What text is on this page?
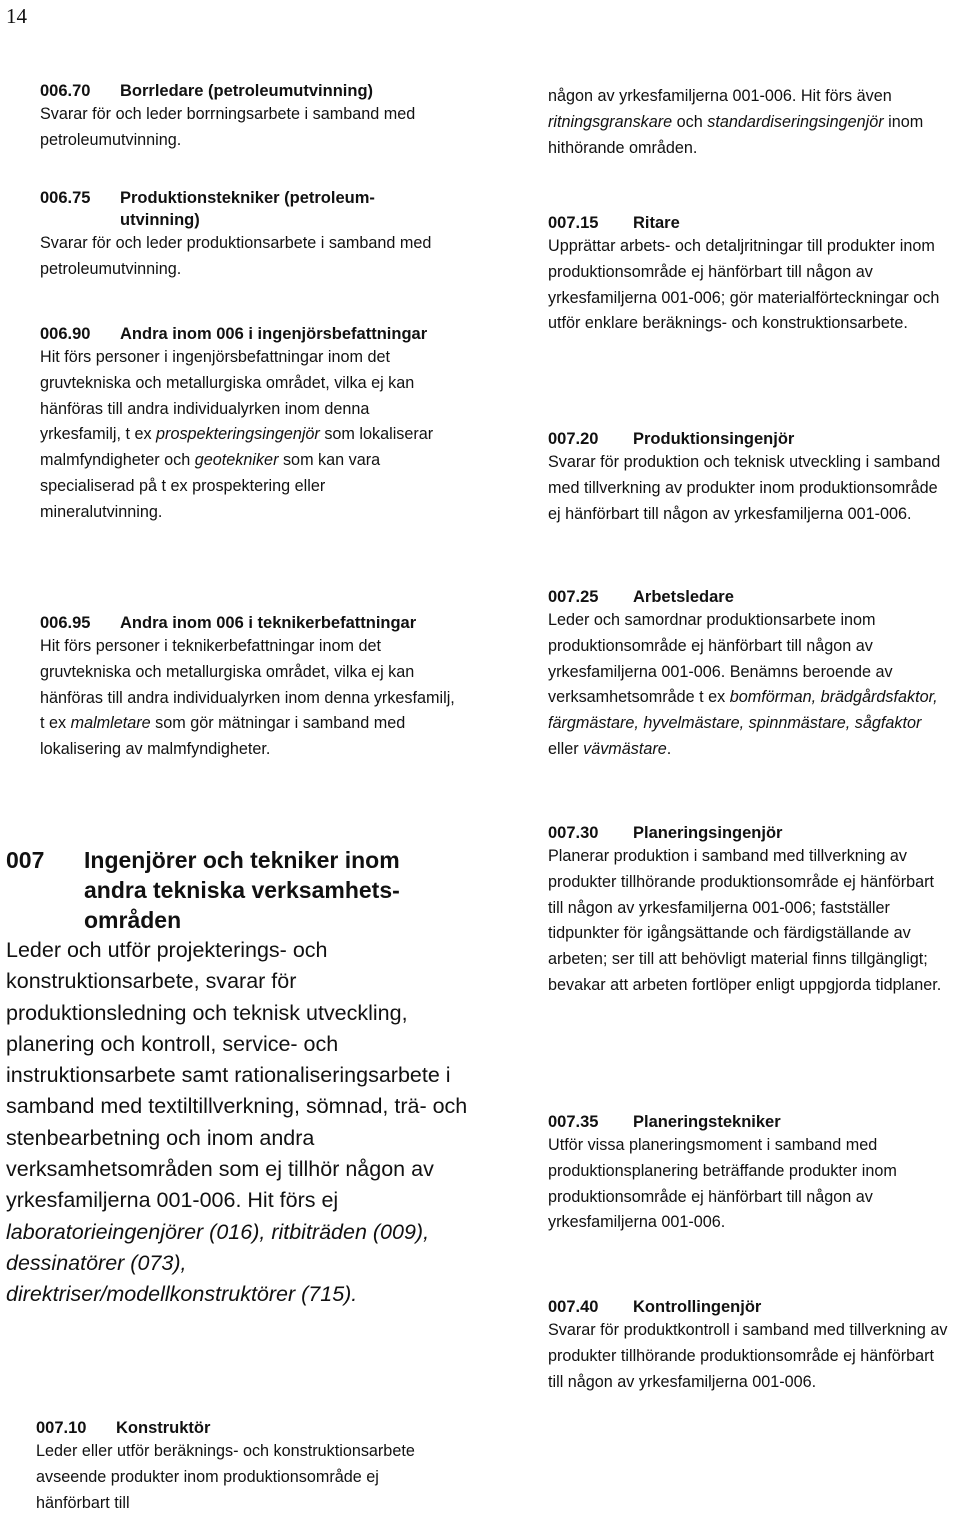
14
006.70	Borrledare (petroleumutvinning)

Svarar för och leder borrningsarbete i samband med petroleumutvinning.

006.75	Produktionstekniker (petroleumutvinning)

Svarar för och leder produktionsarbete i samband med petroleumutvinning.

006.90	Andra inom 006 i ingenjörsbefattningar

Hit förs personer i ingenjörsbefattningar inom det gruvtekniska och metallurgiska området, vilka ej kan hänföras till andra individualyrken inom denna yrkesfamilj, t ex prospekteringsingenjör som lokaliserar malmfyndigheter och geotekniker som kan vara specialiserad på t ex prospektering eller mineralutvinning.

006.95	Andra inom 006 i teknikerbefattningar

Hit förs personer i teknikerbefattningar inom det gruvtekniska och metallurgiska området, vilka ej kan hänföras till andra individualyrken inom denna yrkesfamilj, t ex malmletare som gör mätningar i samband med lokalisering av malmfyndigheter.

007	Ingenjörer och tekniker inom andra tekniska verksamhetsområden

Leder och utför projekterings- och konstruktionsarbete, svarar för produktionsledning och teknisk utveckling, planering och kontroll, service- och instruktionsarbete samt rationaliseringsarbete i samband med textiltillverkning, sömnad, trä- och stenbearbetning och inom andra verksamhetsområden som ej tillhör någon av yrkesfamiljerna 001-006. Hit förs ej laboratorieingenjörer (016), ritbiträden (009), dessinatörer (073), direktriser/modellkonstruktörer (715).

007.10	Konstruktör

Leder eller utför beräknings- och konstruktionsarbete avseende produkter inom produktionsområde ej hänförbart till

någon av yrkesfamiljerna 001-006. Hit förs även ritningsgranskare och standardiseringsingenjör inom hithörande områden.

007.15	Ritare

Upprättar arbets- och detaljritningar till produkter inom produktionsområde ej hänförbart till någon av yrkesfamiljerna 001-006; gör materialförteckningar och utför enklare beräknings- och konstruktionsarbete.

007.20	Produktionsingenjör

Svarar för produktion och teknisk utveckling i samband med tillverkning av produkter inom produktionsområde ej hänförbart till någon av yrkesfamiljerna 001-006.

007.25	Arbetsledare

Leder och samordnar produktionsarbete inom produktionsområde ej hänförbart till någon av yrkesfamiljerna 001-006. Benämns beroende av verksamhetsområde t ex bomförman, brädgårdsfaktor, färgmästare, hyvelmästare, spinnmästare, sågfaktor eller vävmästare.

007.30	Planeringsingenjör

Planerar produktion i samband med tillverkning av produkter tillhörande produktionsområde ej hänförbart till någon av yrkesfamiljerna 001-006; fastställer tidpunkter för igångsättande och färdigställande av arbeten; ser till att behövligt material finns tillgängligt; bevakar att arbeten fortlöper enligt uppgjorda tidplaner.

007.35	Planeringstekniker

Utför vissa planeringsmoment i samband med produktionsplanering beträffande produkter inom produktionsområde ej hänförbart till någon av yrkesfamiljerna 001-006.

007.40	Kontrollingenjör

Svarar för produktkontroll i samband med tillverkning av produkter tillhörande produktionsområde ej hänförbart till någon av yrkesfamiljerna 001-006.
